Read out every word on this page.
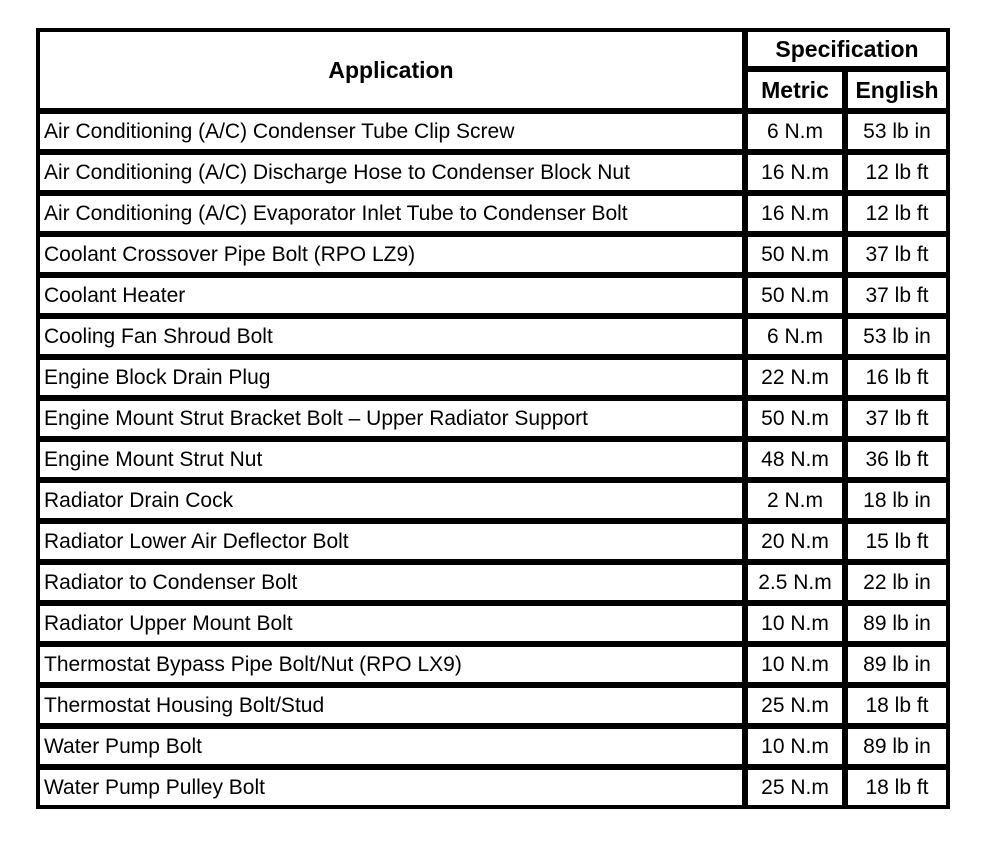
Application	Specification	
	Metric	English
Air Conditioning (A/C) Condenser Tube Clip Screw	6 N.m	53 lb in
Air Conditioning (A/C) Discharge Hose to Condenser Block Nut	16 N.m	12 lb ft
Air Conditioning (A/C) Evaporator Inlet Tube to Condenser Bolt	16 N.m	12 lb ft
Coolant Crossover Pipe Bolt (RPO LZ9)	50 N.m	37 lb ft
Coolant Heater	50 N.m	37 lb ft
Cooling Fan Shroud Bolt	6 N.m	53 lb in
Engine Block Drain Plug	22 N.m	16 lb ft
Engine Mount Strut Bracket Bolt – Upper Radiator Support	50 N.m	37 lb ft
Engine Mount Strut Nut	48 N.m	36 lb ft
Radiator Drain Cock	2 N.m	18 lb in
Radiator Lower Air Deflector Bolt	20 N.m	15 lb ft
Radiator to Condenser Bolt	2.5 N.m	22 lb in
Radiator Upper Mount Bolt	10 N.m	89 lb in
Thermostat Bypass Pipe Bolt/Nut (RPO LX9)	10 N.m	89 lb in
Thermostat Housing Bolt/Stud	25 N.m	18 lb ft
Water Pump Bolt	10 N.m	89 lb in
Water Pump Pulley Bolt	25 N.m	18 lb ft
